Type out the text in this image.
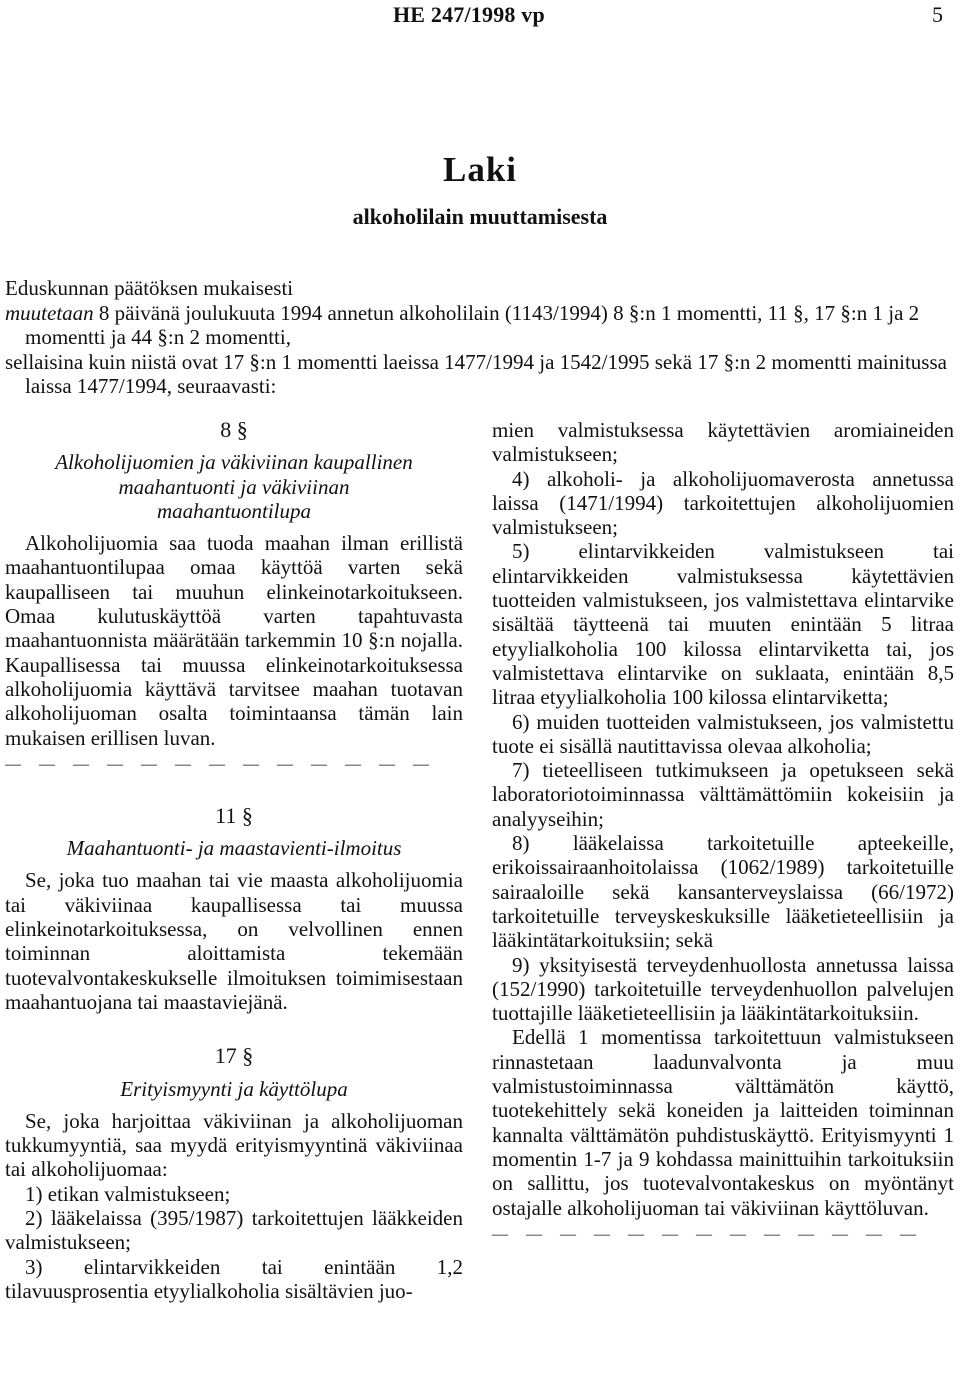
HE 247/1998 vp	5
Laki
alkoholilain muuttamisesta

Eduskunnan päätöksen mukaisesti

muutetaan 8 päivänä joulukuuta 1994 annetun alkoholilain (1143/1994) 8 §:n 1 momentti, 11 §, 17 §:n 1 ja 2 momentti ja 44 §:n 2 momentti,

sellaisina kuin niistä ovat 17 §:n 1 momentti laeissa 1477/1994 ja 1542/1995 sekä 17 §:n 2 momentti mainitussa laissa 1477/1994, seuraavasti:

8 §

Alkoholijuomien ja väkiviinan kaupallinen maahantuonti ja väkiviinan maahantuontilupa

Alkoholijuomia saa tuoda maahan ilman erillistä maahantuontilupaa omaa käyttöä varten sekä kaupalliseen tai muuhun elinkeinotarkoitukseen. Omaa kulutuskäyttöä varten tapahtuvasta maahantuonnista määrätään tarkemmin 10 §:n nojalla. Kaupallisessa tai muussa elinkeinotarkoituksessa alkoholijuomia käyttävä tarvitsee maahan tuotavan alkoholijuoman osalta toimintaansa tämän lain mukaisen erillisen luvan.

— — — — — — — — — — — — —

11 §

Maahantuonti- ja maastavienti-ilmoitus

Se, joka tuo maahan tai vie maasta alkoholijuomia tai väkiviinaa kaupallisessa tai muussa elinkeinotarkoituksessa, on velvollinen ennen toiminnan aloittamista tekemään tuotevalvontakeskukselle ilmoituksen toimimisestaan maahantuojana tai maastaviejänä.

17 §

Erityismyynti ja käyttölupa

Se, joka harjoittaa väkiviinan ja alkoholijuoman tukkumyyntiä, saa myydä erityismyyntinä väkiviinaa tai alkoholijuomaa:

1) etikan valmistukseen;

2) lääkelaissa (395/1987) tarkoitettujen lääkkeiden valmistukseen;

3) elintarvikkeiden tai enintään 1,2 tilavuusprosentia etyylialkoholia sisältävien juo-

mien valmistuksessa käytettävien aromiaineiden valmistukseen;

4) alkoholi- ja alkoholijuomaverosta annetussa laissa (1471/1994) tarkoitettujen alkoholijuomien valmistukseen;

5) elintarvikkeiden valmistukseen tai elintarvikkeiden valmistuksessa käytettävien tuotteiden valmistukseen, jos valmistettava elintarvike sisältää täytteenä tai muuten enintään 5 litraa etyylialkoholia 100 kilossa elintarviketta tai, jos valmistettava elintarvike on suklaata, enintään 8,5 litraa etyylialkoholia 100 kilossa elintarviketta;

6) muiden tuotteiden valmistukseen, jos valmistettu tuote ei sisällä nautittavissa olevaa alkoholia;

7) tieteelliseen tutkimukseen ja opetukseen sekä laboratoriotoiminnassa välttämättömiin kokeisiin ja analyyseihin;

8) lääkelaissa tarkoitetuille apteekeille, erikoissairaanhoitolaissa (1062/1989) tarkoitetuille sairaaloille sekä kansanterveyslaissa (66/1972) tarkoitetuille terveyskeskuksille lääketieteellisiin ja lääkintätarkoituksiin; sekä

9) yksityisestä terveydenhuollosta annetussa laissa (152/1990) tarkoitetuille terveydenhuollon palvelujen tuottajille lääketieteellisiin ja lääkintätarkoituksiin.

Edellä 1 momentissa tarkoitettuun valmistukseen rinnastetaan laadunvalvonta ja muu valmistustoiminnassa välttämätön käyttö, tuotekehittely sekä koneiden ja laitteiden toiminnan kannalta välttämätön puhdistuskäyttö. Erityismyynti 1 momentin 1-7 ja 9 kohdassa mainittuihin tarkoituksiin on sallittu, jos tuotevalvontakeskus on myöntänyt ostajalle alkoholijuoman tai väkiviinan käyttöluvan.

— — — — — — — — — — — — —
